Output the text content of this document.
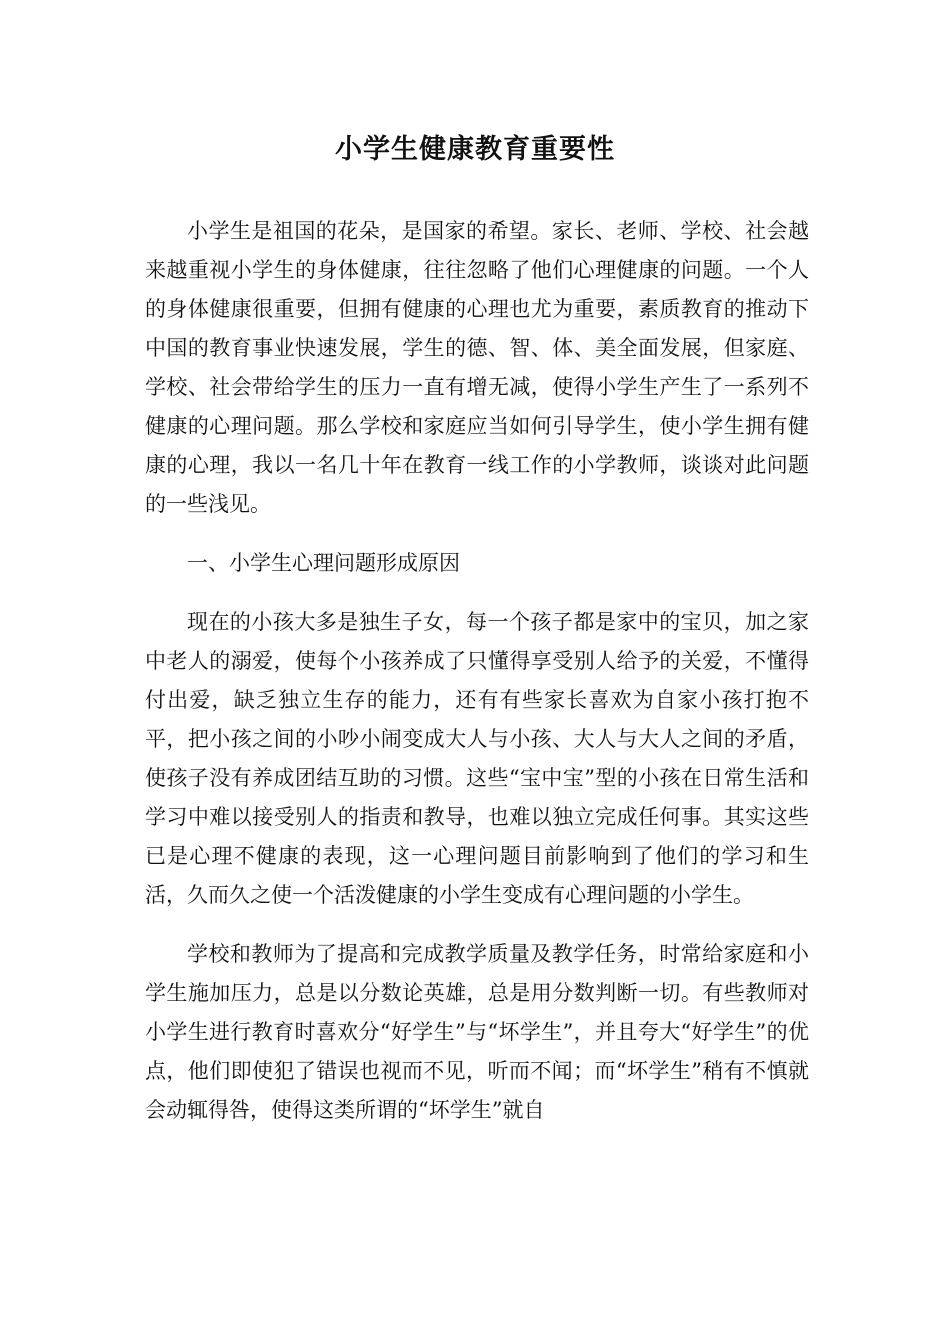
小学生健康教育重要性

小学生是祖国的花朵，是国家的希望。家长、老师、学校、社会越来越重视小学生的身体健康，往往忽略了他们心理健康的问题。一个人的身体健康很重要，但拥有健康的心理也尤为重要，素质教育的推动下中国的教育事业快速发展，学生的德、智、体、美全面发展，但家庭、学校、社会带给学生的压力一直有增无减，使得小学生产生了一系列不健康的心理问题。那么学校和家庭应当如何引导学生，使小学生拥有健康的心理，我以一名几十年在教育一线工作的小学教师，谈谈对此问题的一些浅见。

一、小学生心理问题形成原因

现在的小孩大多是独生子女，每一个孩子都是家中的宝贝，加之家中老人的溺爱，使每个小孩养成了只懂得享受别人给予的关爱，不懂得付出爱，缺乏独立生存的能力，还有有些家长喜欢为自家小孩打抱不平，把小孩之间的小吵小闹变成大人与小孩、大人与大人之间的矛盾，使孩子没有养成团结互助的习惯。这些“宝中宝”型的小孩在日常生活和学习中难以接受别人的指责和教导，也难以独立完成任何事。其实这些已是心理不健康的表现，这一心理问题目前影响到了他们的学习和生活，久而久之使一个活泼健康的小学生变成有心理问题的小学生。

学校和教师为了提高和完成教学质量及教学任务，时常给家庭和小学生施加压力，总是以分数论英雄，总是用分数判断一切。有些教师对小学生进行教育时喜欢分“好学生”与“坏学生”，并且夸大“好学生”的优点，他们即使犯了错误也视而不见，听而不闻；而“坏学生”稍有不慎就会动辄得咎，使得这类所谓的“坏学生”就自
